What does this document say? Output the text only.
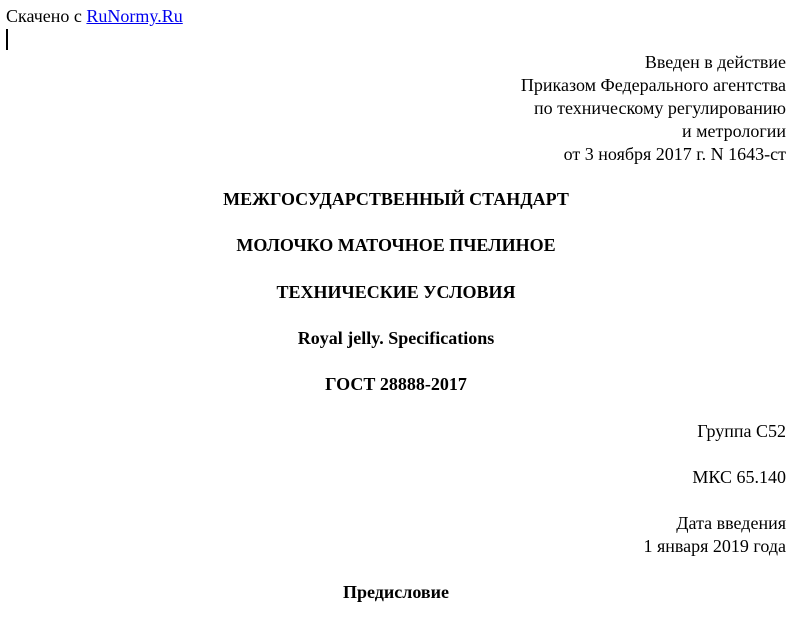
Скачено с RuNormy.Ru
Введен в действие
Приказом Федерального агентства
по техническому регулированию
и метрологии
от 3 ноября 2017 г. N 1643-ст
МЕЖГОСУДАРСТВЕННЫЙ СТАНДАРТ
МОЛОЧКО МАТОЧНОЕ ПЧЕЛИНОЕ
ТЕХНИЧЕСКИЕ УСЛОВИЯ
Royal jelly. Specifications
ГОСТ 28888-2017
Группа С52
МКС 65.140
Дата введения
1 января 2019 года
Предисловие
